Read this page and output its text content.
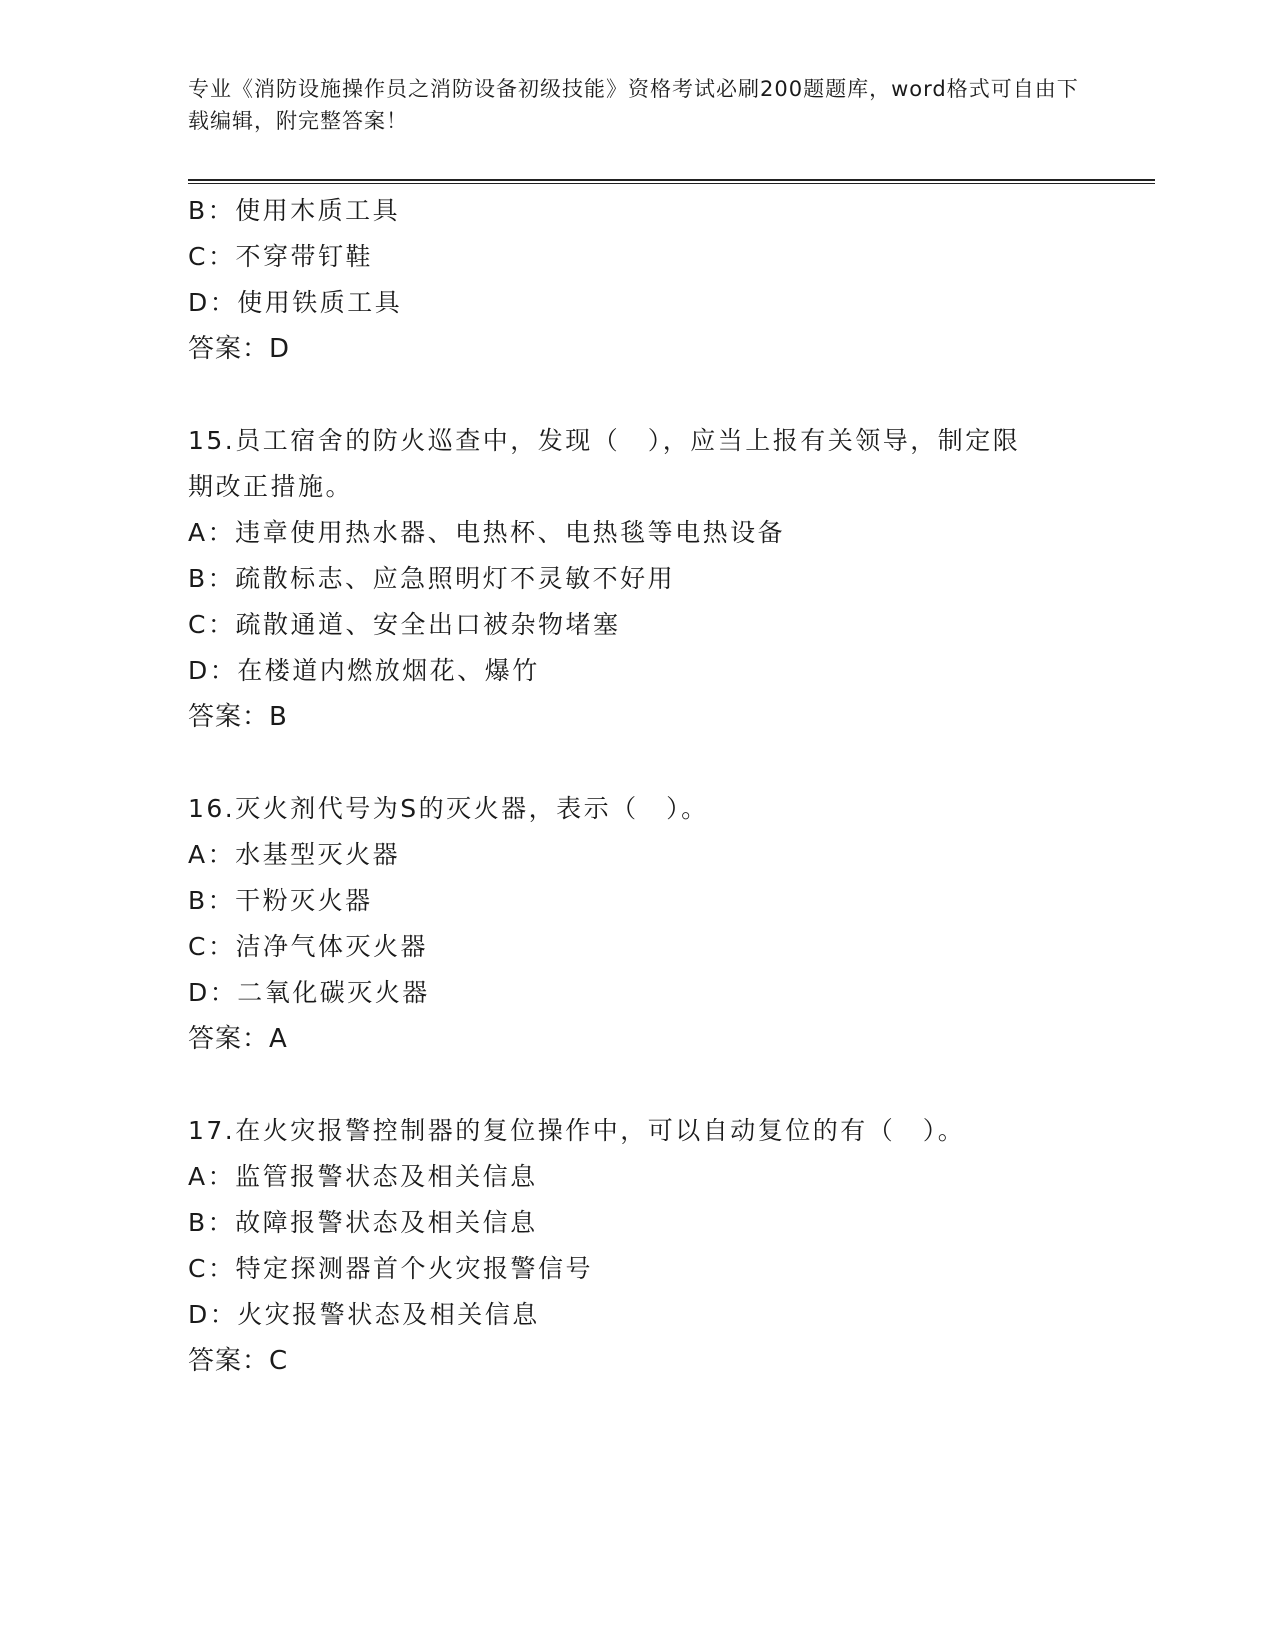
专业《消防设施操作员之消防设备初级技能》资格考试必刷200题题库，word格式可自由下载编辑，附完整答案！
B：使用木质工具
C：不穿带钉鞋
D：使用铁质工具
答案：D
15.员工宿舍的防火巡查中，发现（　），应当上报有关领导，制定限
期改正措施。
A：违章使用热水器、电热杯、电热毯等电热设备
B：疏散标志、应急照明灯不灵敏不好用
C：疏散通道、安全出口被杂物堵塞
D：在楼道内燃放烟花、爆竹
答案：B
16.灭火剂代号为S的灭火器，表示（　）。
A：水基型灭火器
B：干粉灭火器
C：洁净气体灭火器
D：二氧化碳灭火器
答案：A
17.在火灾报警控制器的复位操作中，可以自动复位的有（　）。
A：监管报警状态及相关信息
B：故障报警状态及相关信息
C：特定探测器首个火灾报警信号
D：火灾报警状态及相关信息
答案：C
